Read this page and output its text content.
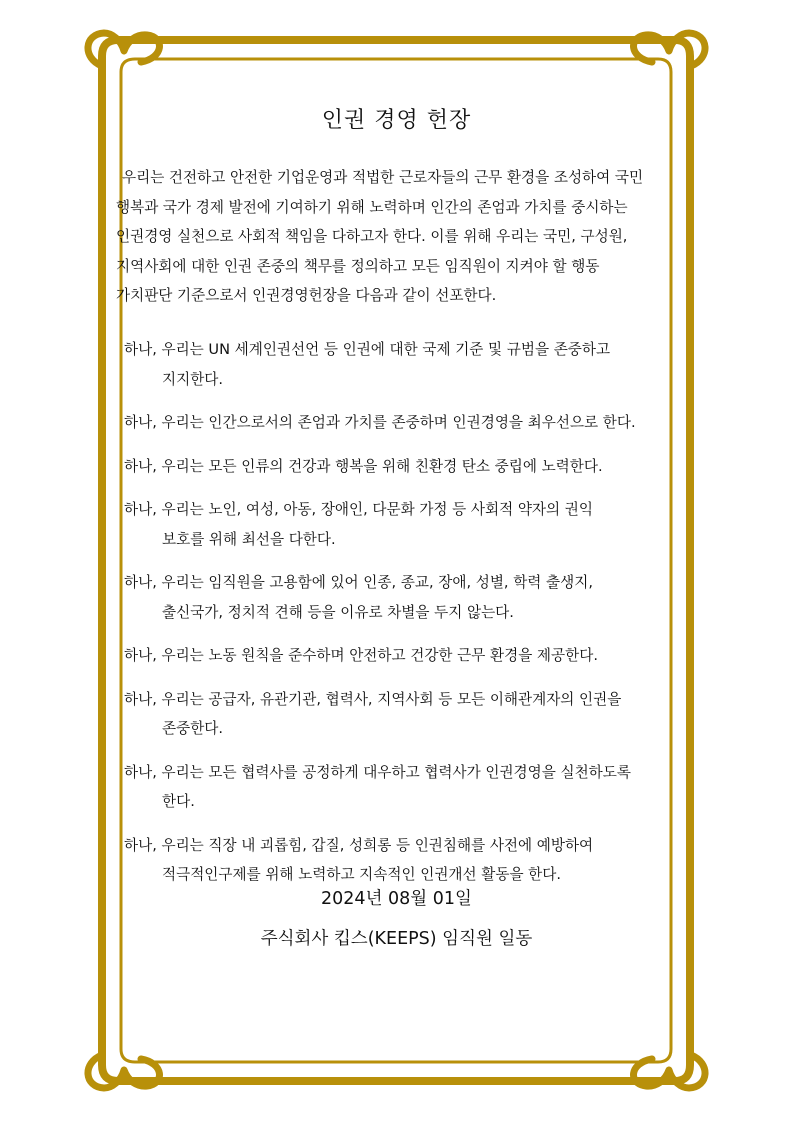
인권 경영 헌장

우리는 건전하고 안전한 기업운영과 적법한 근로자들의 근무 환경을 조성하여 국민

행복과 국가 경제 발전에 기여하기 위해 노력하며 인간의 존엄과 가치를 중시하는

인권경영 실천으로 사회적 책임을 다하고자 한다. 이를 위해 우리는 국민, 구성원,

지역사회에 대한 인권 존중의 책무를 정의하고 모든 임직원이 지켜야 할 행동

가치판단 기준으로서 인권경영헌장을 다음과 같이 선포한다.

하나, 우리는 UN 세계인권선언 등 인권에 대한 국제 기준 및 규범을 존중하고

지지한다.

하나, 우리는 인간으로서의 존엄과 가치를 존중하며 인권경영을 최우선으로 한다.

하나, 우리는 모든 인류의 건강과 행복을 위해 친환경 탄소 중립에 노력한다.

하나, 우리는 노인, 여성, 아동, 장애인, 다문화 가정 등 사회적 약자의 권익

보호를 위해 최선을 다한다.

하나, 우리는 임직원을 고용함에 있어 인종, 종교, 장애, 성별, 학력 출생지,

출신국가, 정치적 견해 등을 이유로 차별을 두지 않는다.

하나, 우리는 노동 원칙을 준수하며 안전하고 건강한 근무 환경을 제공한다.

하나, 우리는 공급자, 유관기관, 협력사, 지역사회 등 모든 이해관계자의 인권을

존중한다.

하나, 우리는 모든 협력사를 공정하게 대우하고 협력사가 인권경영을 실천하도록

한다.

하나, 우리는 직장 내 괴롭힘, 갑질, 성희롱 등 인권침해를 사전에 예방하여

적극적인구제를 위해 노력하고 지속적인 인권개선 활동을 한다.

2024년 08월 01일
주식회사 킵스(KEEPS) 임직원 일동
